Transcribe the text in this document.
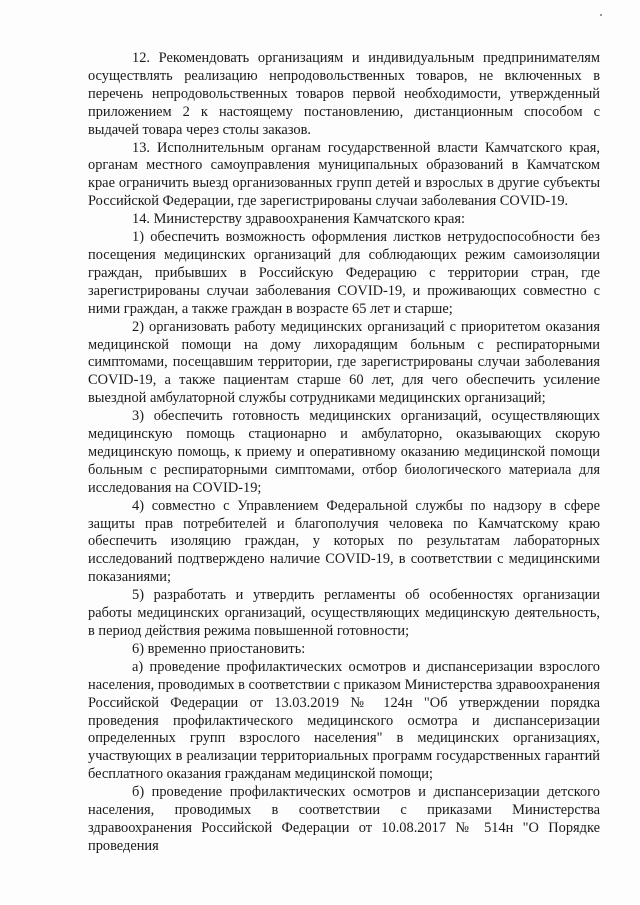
12. Рекомендовать организациям и индивидуальным предпринимателям осуществлять реализацию непродовольственных товаров, не включенных в перечень непродовольственных товаров первой необходимости, утвержденный приложением 2 к настоящему постановлению, дистанционным способом с выдачей товара через столы заказов.

13. Исполнительным органам государственной власти Камчатского края, органам местного самоуправления муниципальных образований в Камчатском крае ограничить выезд организованных групп детей и взрослых в другие субъекты Российской Федерации, где зарегистрированы случаи заболевания COVID-19.

14. Министерству здравоохранения Камчатского края:

1) обеспечить возможность оформления листков нетрудоспособности без посещения медицинских организаций для соблюдающих режим самоизоляции граждан, прибывших в Российскую Федерацию с территории стран, где зарегистрированы случаи заболевания COVID-19, и проживающих совместно с ними граждан, а также граждан в возрасте 65 лет и старше;

2) организовать работу медицинских организаций с приоритетом оказания медицинской помощи на дому лихорадящим больным с респираторными симптомами, посещавшим территории, где зарегистрированы случаи заболевания COVID-19, а также пациентам старше 60 лет, для чего обеспечить усиление выездной амбулаторной службы сотрудниками медицинских организаций;

3) обеспечить готовность медицинских организаций, осуществляющих медицинскую помощь стационарно и амбулаторно, оказывающих скорую медицинскую помощь, к приему и оперативному оказанию медицинской помощи больным с респираторными симптомами, отбор биологического материала для исследования на COVID-19;

4) совместно с Управлением Федеральной службы по надзору в сфере защиты прав потребителей и благополучия человека по Камчатскому краю обеспечить изоляцию граждан, у которых по результатам лабораторных исследований подтверждено наличие COVID-19, в соответствии с медицинскими показаниями;

5) разработать и утвердить регламенты об особенностях организации работы медицинских организаций, осуществляющих медицинскую деятельность, в период действия режима повышенной готовности;

6) временно приостановить:

а) проведение профилактических осмотров и диспансеризации взрослого населения, проводимых в соответствии с приказом Министерства здравоохранения Российской Федерации от 13.03.2019 № 124н "Об утверждении порядка проведения профилактического медицинского осмотра и диспансеризации определенных групп взрослого населения" в медицинских организациях, участвующих в реализации территориальных программ государственных гарантий бесплатного оказания гражданам медицинской помощи;

б) проведение профилактических осмотров и диспансеризации детского населения, проводимых в соответствии с приказами Министерства здравоохранения Российской Федерации от 10.08.2017 № 514н "О Порядке проведения
